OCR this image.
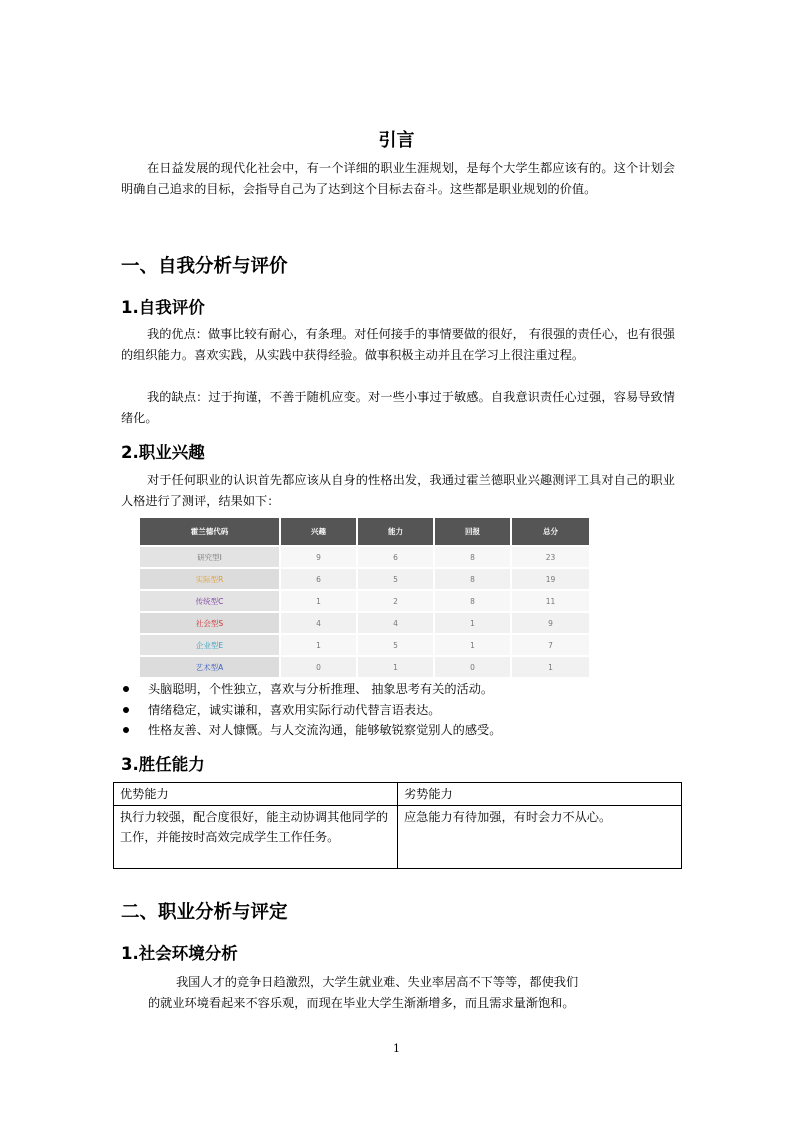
引言

在日益发展的现代化社会中，有一个详细的职业生涯规划，是每个大学生都应该有的。这个计划会明确自己追求的目标，会指导自己为了达到这个目标去奋斗。这些都是职业规划的价值。

一、自我分析与评价
1.自我评价

我的优点：做事比较有耐心，有条理。对任何接手的事情要做的很好， 有很强的责任心，也有很强的组织能力。喜欢实践，从实践中获得经验。做事积极主动并且在学习上很注重过程。

我的缺点：过于拘谨，不善于随机应变。对一些小事过于敏感。自我意识责任心过强，容易导致情绪化。

2.职业兴趣

对于任何职业的认识首先都应该从自身的性格出发，我通过霍兰德职业兴趣测评工具对自己的职业人格进行了测评，结果如下：

霍兰德代码	兴趣	能力	回报	总分
研究型I	9	6	8	23
实际型R	6	5	8	19
传统型C	1	2	8	11
社会型S	4	4	1	9
企业型E	1	5	1	7
艺术型A	0	1	0	1
头脑聪明，个性独立，喜欢与分析推理、 抽象思考有关的活动。
情绪稳定，诚实谦和，喜欢用实际行动代替言语表达。
性格友善、对人慷慨。与人交流沟通，能够敏锐察觉别人的感受。
3.胜任能力
优势能力	劣势能力
执行力较强，配合度很好，能主动协调其他同学的工作，并能按时高效完成学生工作任务。	应急能力有待加强，有时会力不从心。
二、职业分析与评定
1.社会环境分析

我国人才的竞争日趋激烈，大学生就业难、失业率居高不下等等，都使我们

的就业环境看起来不容乐观，而现在毕业大学生渐渐增多，而且需求量渐饱和。

1
